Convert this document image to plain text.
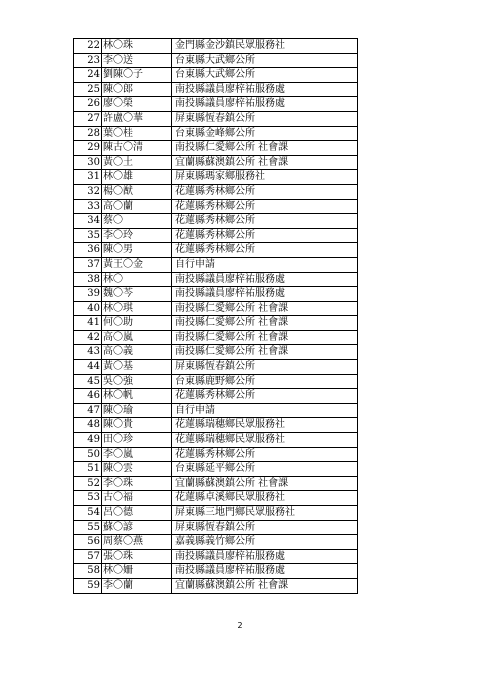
22	林〇珠	金門縣金沙鎮民眾服務社
23	李〇送	台東縣大武鄉公所
24	劉陳〇子	台東縣大武鄉公所
25	陳〇郎	南投縣議員廖梓祐服務處
26	廖〇榮	南投縣議員廖梓祐服務處
27	許盧〇華	屏東縣恆春鎮公所
28	葉〇桂	台東縣金峰鄉公所
29	陳古〇清	南投縣仁愛鄉公所 社會課
30	黃〇土	宜蘭縣蘇澳鎮公所 社會課
31	林〇雄	屏東縣瑪家鄉服務社
32	楊〇猷	花蓮縣秀林鄉公所
33	高〇蘭	花蓮縣秀林鄉公所
34	蔡〇	花蓮縣秀林鄉公所
35	李〇玲	花蓮縣秀林鄉公所
36	陳〇男	花蓮縣秀林鄉公所
37	黃王〇金	自行申請
38	林〇	南投縣議員廖梓祐服務處
39	魏〇芩	南投縣議員廖梓祐服務處
40	林〇琪	南投縣仁愛鄉公所 社會課
41	何〇助	南投縣仁愛鄉公所 社會課
42	高〇嵐	南投縣仁愛鄉公所 社會課
43	高〇義	南投縣仁愛鄉公所 社會課
44	黃〇基	屏東縣恆春鎮公所
45	吳〇強	台東縣鹿野鄉公所
46	林〇帆	花蓮縣秀林鄉公所
47	陳〇瑜	自行申請
48	陳〇貴	花蓮縣瑞穗鄉民眾服務社
49	田〇珍	花蓮縣瑞穗鄉民眾服務社
50	李〇嵐	花蓮縣秀林鄉公所
51	陳〇雲	台東縣延平鄉公所
52	李〇珠	宜蘭縣蘇澳鎮公所 社會課
53	古〇福	花蓮縣卓溪鄉民眾服務社
54	呂〇德	屏東縣三地門鄉民眾服務社
55	蘇〇諺	屏東縣恆春鎮公所
56	周蔡〇燕	嘉義縣義竹鄉公所
57	張〇珠	南投縣議員廖梓祐服務處
58	林〇姍	南投縣議員廖梓祐服務處
59	李〇蘭	宜蘭縣蘇澳鎮公所 社會課
2
